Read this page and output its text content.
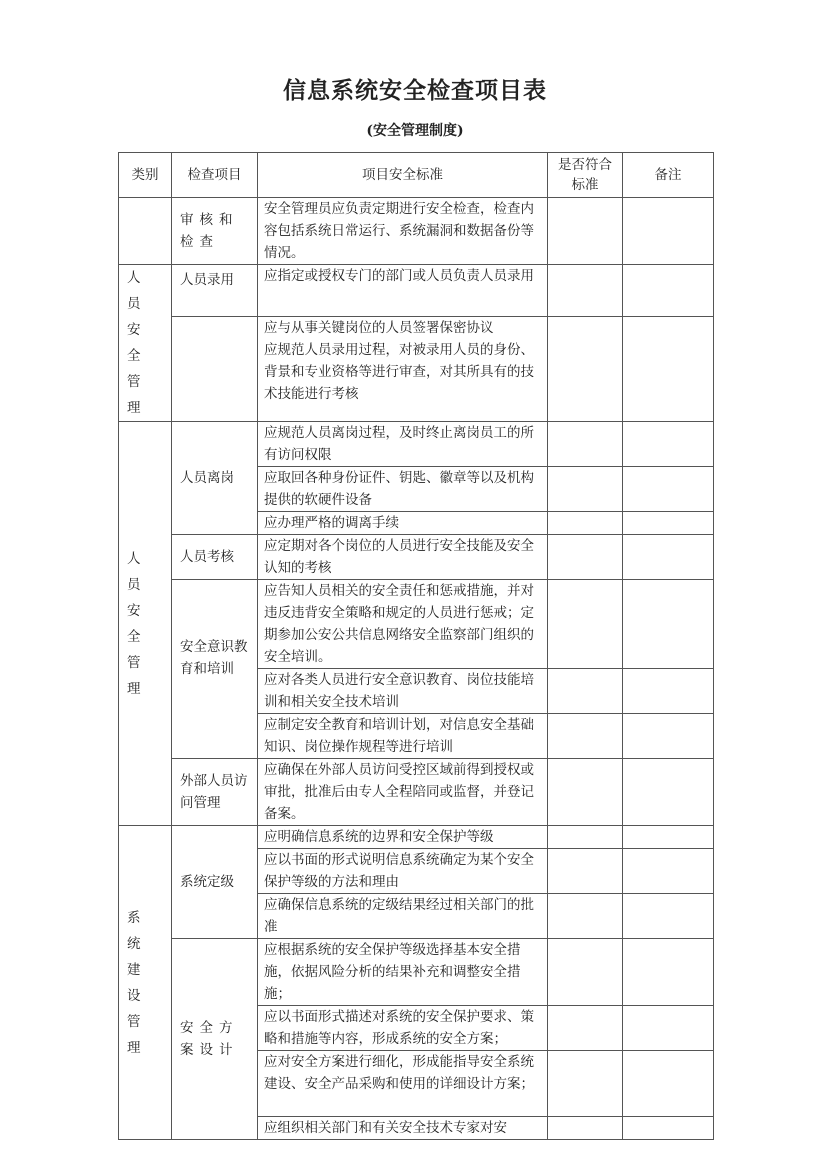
信息系统安全检查项目表
(安全管理制度)
类别	检查项目	项目安全标准	是否符合标准	备注
	审核和检查	安全管理员应负责定期进行安全检查，检查内容包括系统日常运行、系统漏洞和数据备份等情况。		

人员安全管理	人员录用	应指定或授权专门的部门或人员负责人员录用		
		应与从事关键岗位的人员签署保密协议
应规范人员录用过程，对被录用人员的身份、背景和专业资格等进行审查，对其所具有的技术技能进行考核		

人员安全管理	人员离岗	应规范人员离岗过程，及时终止离岗员工的所有访问权限		
		应取回各种身份证件、钥匙、徽章等以及机构提供的软硬件设备		
		应办理严格的调离手续		
	人员考核	应定期对各个岗位的人员进行安全技能及安全认知的考核		
	安全意识教育和培训	应告知人员相关的安全责任和惩戒措施，并对违反违背安全策略和规定的人员进行惩戒；定期参加公安公共信息网络安全监察部门组织的安全培训。		
		应对各类人员进行安全意识教育、岗位技能培训和相关安全技术培训		
		应制定安全教育和培训计划，对信息安全基础知识、岗位操作规程等进行培训		
	外部人员访问管理	应确保在外部人员访问受控区域前得到授权或审批，批准后由专人全程陪同或监督，并登记备案。		

系统建设管理	系统定级	应明确信息系统的边界和安全保护等级		
		应以书面的形式说明信息系统确定为某个安全保护等级的方法和理由		
		应确保信息系统的定级结果经过相关部门的批准		
	安全方案设计	应根据系统的安全保护等级选择基本安全措施，依据风险分析的结果补充和调整安全措施；		
		应以书面形式描述对系统的安全保护要求、策略和措施等内容，形成系统的安全方案；		
		应对安全方案进行细化，形成能指导安全系统建设、安全产品采购和使用的详细设计方案；		
		应组织相关部门和有关安全技术专家对安		
